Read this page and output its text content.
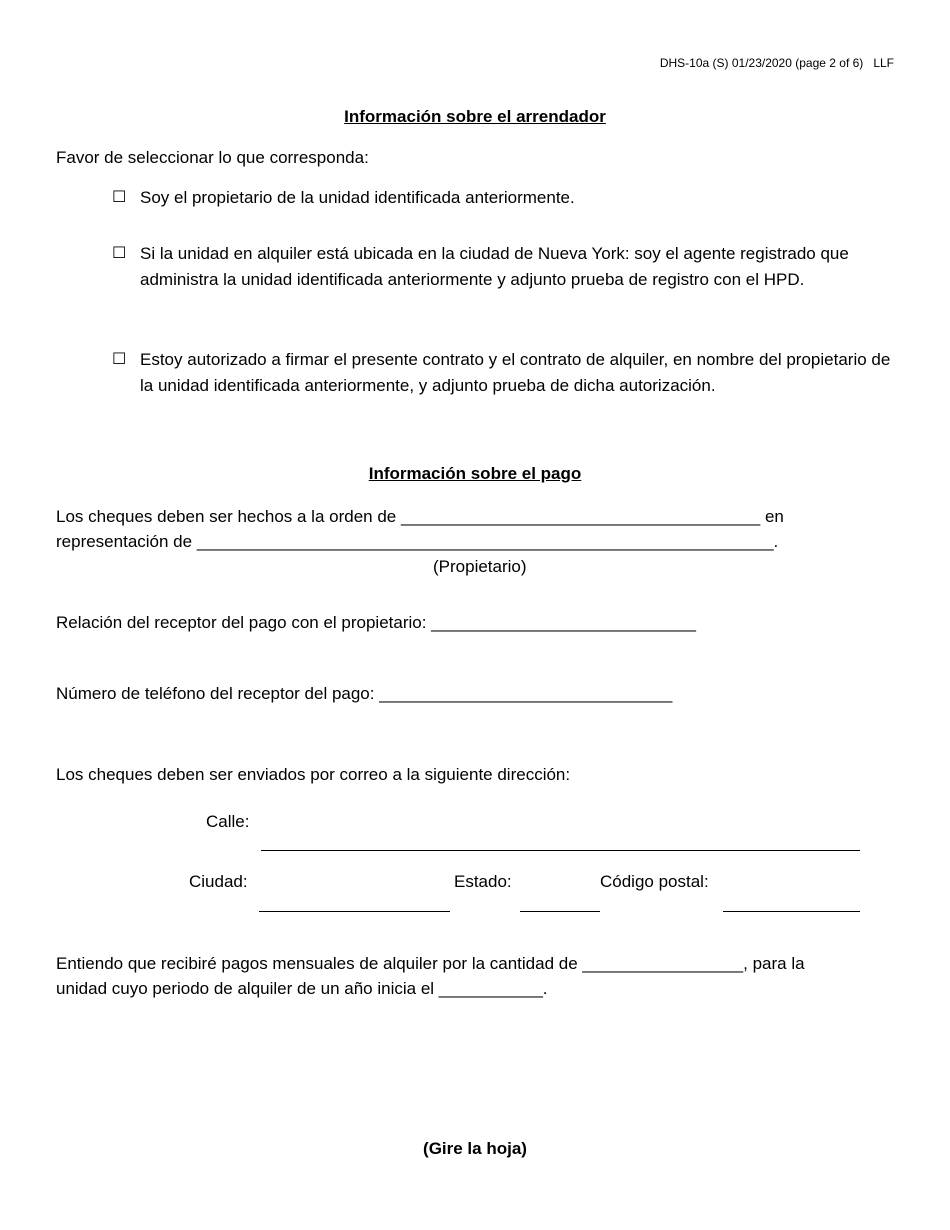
DHS-10a (S) 01/23/2020 (page 2 of 6) LLF
Información sobre el arrendador
Favor de seleccionar lo que corresponda:
☐ Soy el propietario de la unidad identificada anteriormente.
☐ Si la unidad en alquiler está ubicada en la ciudad de Nueva York: soy el agente registrado que administra la unidad identificada anteriormente y adjunto prueba de registro con el HPD.
☐ Estoy autorizado a firmar el presente contrato y el contrato de alquiler, en nombre del propietario de la unidad identificada anteriormente, y adjunto prueba de dicha autorización.
Información sobre el pago
Los cheques deben ser hechos a la orden de ______________________________________ en
representación de _____________________________________________________________.
(Propietario)
Relación del receptor del pago con el propietario: ____________________________
Número de teléfono del receptor del pago: _______________________________
Los cheques deben ser enviados por correo a la siguiente dirección:
Calle:
Ciudad:	Estado:	Código postal:
Entiendo que recibiré pagos mensuales de alquiler por la cantidad de _________________, para la
unidad cuyo periodo de alquiler de un año inicia el ___________.
(Gire la hoja)
